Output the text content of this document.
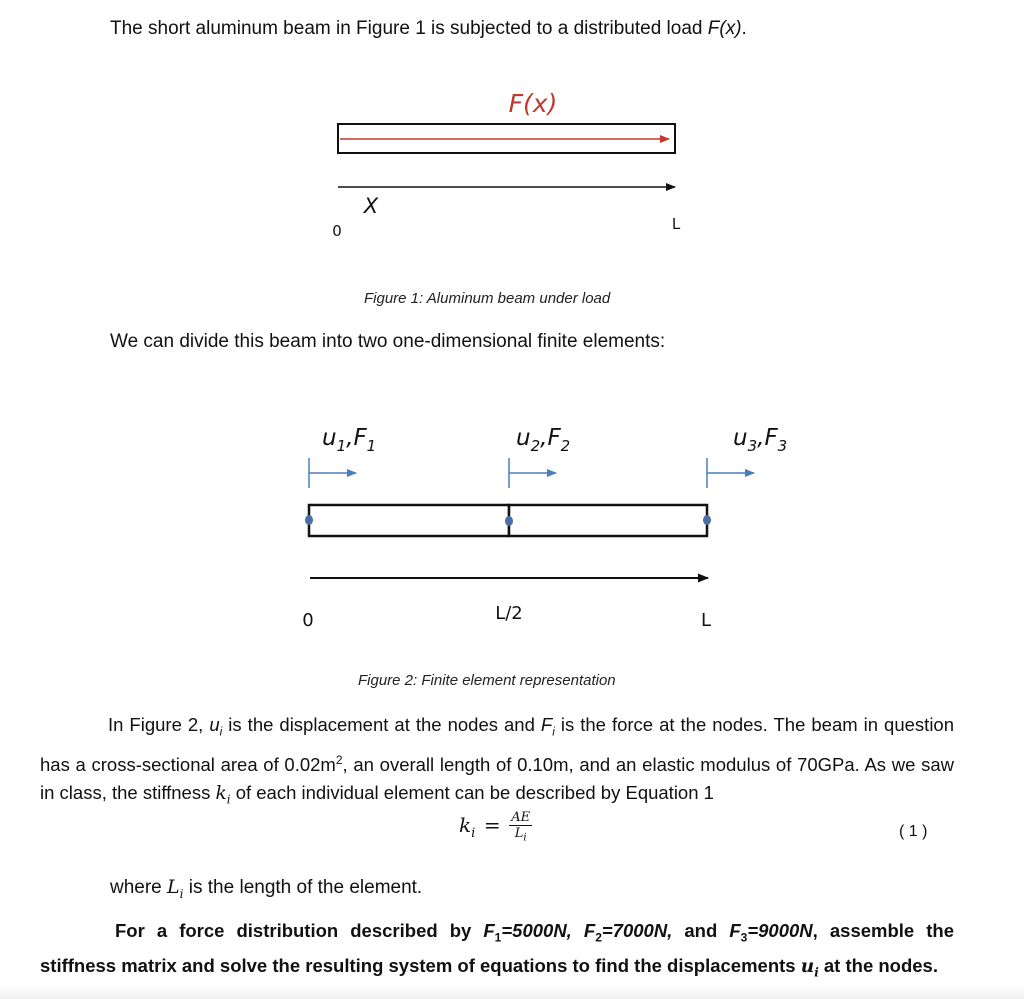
The short aluminum beam in Figure 1 is subjected to a distributed load F(x).
F(x)
X
0	L
Figure 1: Aluminum beam under load
We can divide this beam into two one-dimensional finite elements:
$u_1,F_1$	$u_2,F_2$	$u_3,F_3$
0	L/2	L
Figure 2: Finite element representation
In Figure 2, $u_i$ is the displacement at the nodes and $F_i$ is the force at the nodes. The beam in question has a cross-sectional area of $0.02m^2$, an overall length of 0.10m, and an elastic modulus of 70GPa. As we saw in class, the stiffness $k_i$ of each individual element can be described by Equation 1
$k_i = \frac{AE}{L_i}$	( 1 )
where $L_i$ is the length of the element.
For a force distribution described by $F_1=5000N$, $F_2=7000N$, and $F_3=9000N$, assemble the stiffness matrix and solve the resulting system of equations to find the displacements $u_i$ at the nodes.
